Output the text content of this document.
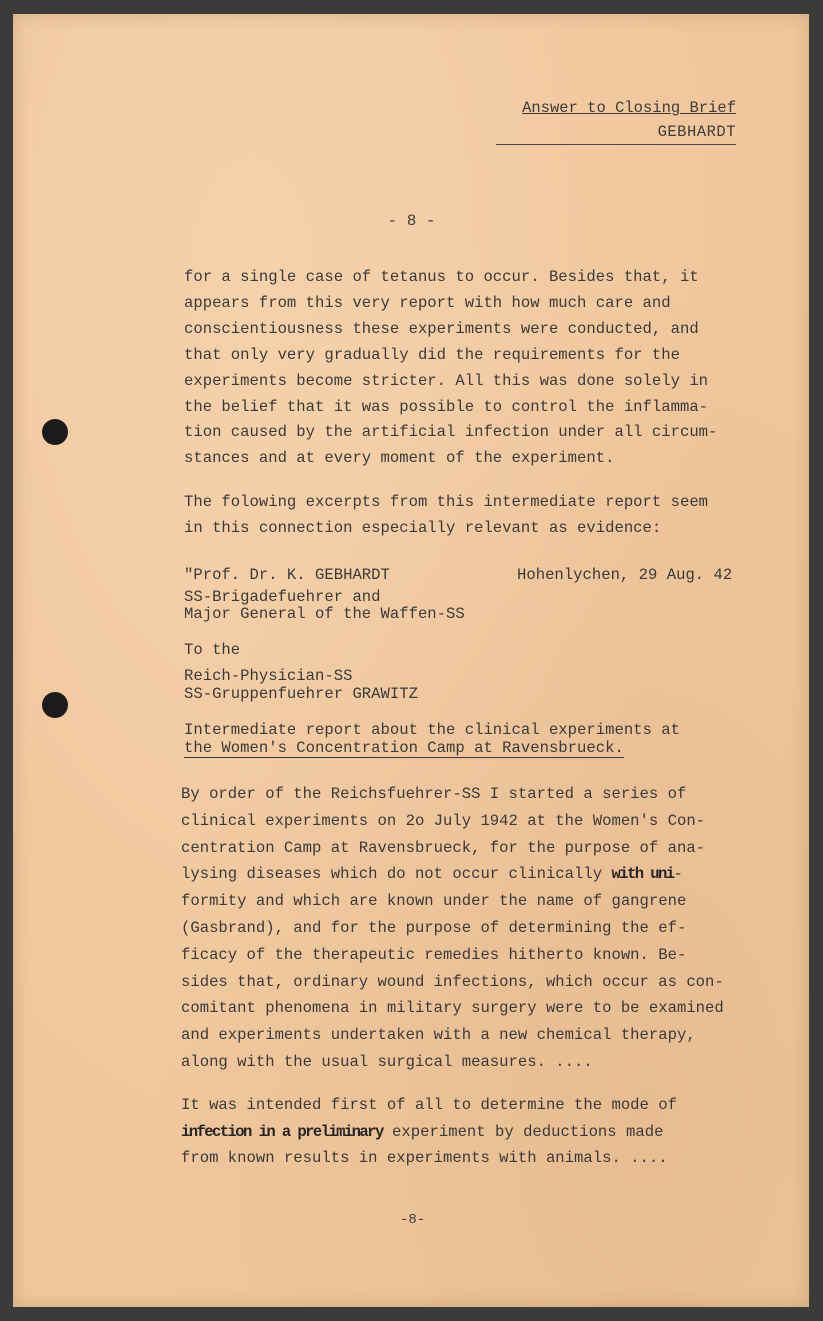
Answer to Closing Brief
GEBHARDT
- 8 -

for a single case of tetanus to occur. Besides that, it
appears from this very report with how much care and
conscientiousness these experiments were conducted, and
that only very gradually did the requirements for the
experiments become stricter. All this was done solely in
the belief that it was possible to control the inflamma-
tion caused by the artificial infection under all circum-
stances and at every moment of the experiment.

The folowing excerpts from this intermediate report seem
in this connection especially relevant as evidence:

"Prof. Dr. K. GEBHARDT	Hohenlychen, 29 Aug. 42

SS-Brigadefuehrer and
Major General of the Waffen-SS

To the

Reich-Physician-SS
SS-Gruppenfuehrer GRAWITZ

Intermediate report about the clinical experiments at
the Women's Concentration Camp at Ravensbrueck.

By order of the Reichsfuehrer-SS I started a series of
clinical experiments on 2o July 1942 at the Women's Con-
centration Camp at Ravensbrueck, for the purpose of ana-
lysing diseases which do not occur clinically with uni-
formity and which are known under the name of gangrene
(Gasbrand), and for the purpose of determining the ef-
ficacy of the therapeutic remedies hitherto known. Be-
sides that, ordinary wound infections, which occur as con-
comitant phenomena in military surgery were to be examined
and experiments undertaken with a new chemical therapy,
along with the usual surgical measures. ....

It was intended first of all to determine the mode of
infection in a preliminary experiment by deductions made
from known results in experiments with animals. ....

-8-
